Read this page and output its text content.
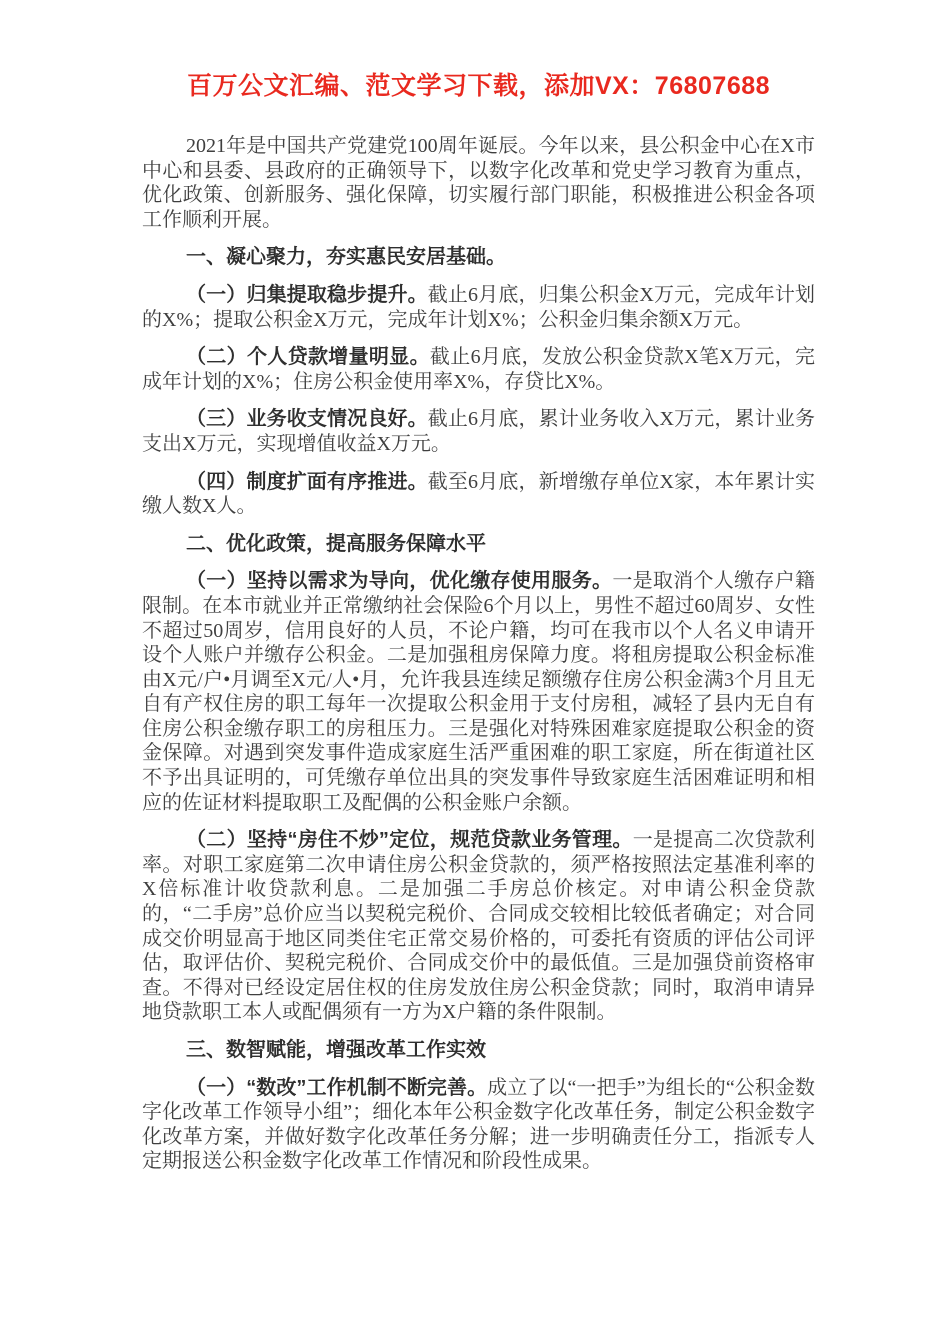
百万公文汇编、范文学习下载，添加VX：76807688

2021年是中国共产党建党100周年诞辰。今年以来，县公积金中心在X市中心和县委、县政府的正确领导下，以数字化改革和党史学习教育为重点，优化政策、创新服务、强化保障，切实履行部门职能，积极推进公积金各项工作顺利开展。

一、凝心聚力，夯实惠民安居基础。

（一）归集提取稳步提升。截止6月底，归集公积金X万元，完成年计划的X%；提取公积金X万元，完成年计划X%；公积金归集余额X万元。

（二）个人贷款增量明显。截止6月底，发放公积金贷款X笔X万元，完成年计划的X%；住房公积金使用率X%，存贷比X%。

（三）业务收支情况良好。截止6月底，累计业务收入X万元，累计业务支出X万元，实现增值收益X万元。

（四）制度扩面有序推进。截至6月底，新增缴存单位X家，本年累计实缴人数X人。

二、优化政策，提高服务保障水平

（一）坚持以需求为导向，优化缴存使用服务。一是取消个人缴存户籍限制。在本市就业并正常缴纳社会保险6个月以上，男性不超过60周岁、女性不超过50周岁，信用良好的人员，不论户籍，均可在我市以个人名义申请开设个人账户并缴存公积金。二是加强租房保障力度。将租房提取公积金标准由X元/户•月调至X元/人•月，允许我县连续足额缴存住房公积金满3个月且无自有产权住房的职工每年一次提取公积金用于支付房租，减轻了县内无自有住房公积金缴存职工的房租压力。三是强化对特殊困难家庭提取公积金的资金保障。对遇到突发事件造成家庭生活严重困难的职工家庭，所在街道社区不予出具证明的，可凭缴存单位出具的突发事件导致家庭生活困难证明和相应的佐证材料提取职工及配偶的公积金账户余额。

（二）坚持“房住不炒”定位，规范贷款业务管理。一是提高二次贷款利率。对职工家庭第二次申请住房公积金贷款的，须严格按照法定基准利率的X倍标准计收贷款利息。二是加强二手房总价核定。对申请公积金贷款的，“二手房”总价应当以契税完税价、合同成交较相比较低者确定；对合同成交价明显高于地区同类住宅正常交易价格的，可委托有资质的评估公司评估，取评估价、契税完税价、合同成交价中的最低值。三是加强贷前资格审查。不得对已经设定居住权的住房发放住房公积金贷款；同时，取消申请异地贷款职工本人或配偶须有一方为X户籍的条件限制。

三、数智赋能，增强改革工作实效

（一）“数改”工作机制不断完善。成立了以“一把手”为组长的“公积金数字化改革工作领导小组”；细化本年公积金数字化改革任务，制定公积金数字化改革方案，并做好数字化改革任务分解；进一步明确责任分工，指派专人定期报送公积金数字化改革工作情况和阶段性成果。
